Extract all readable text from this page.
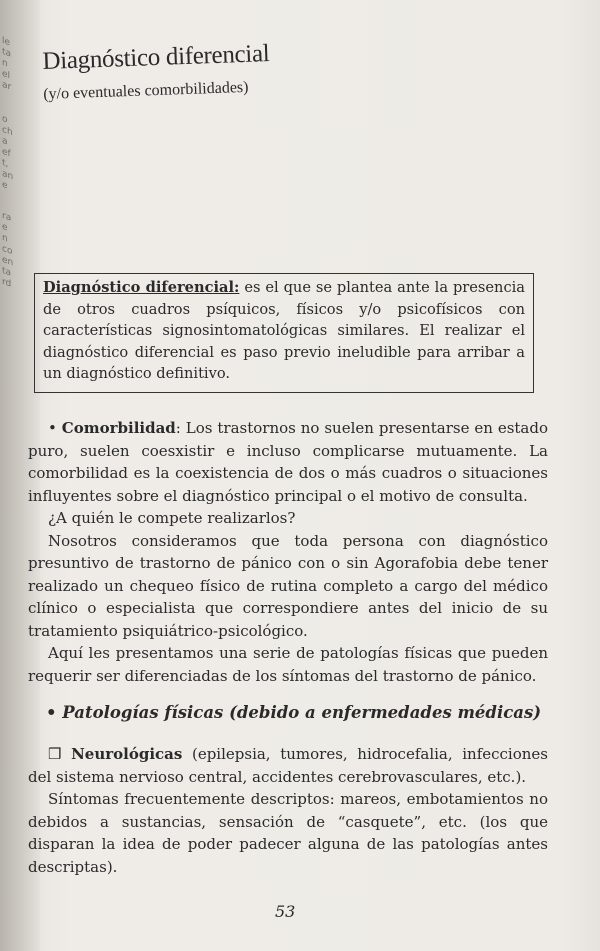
le
ta
n
el
ar
o
ch
a
ef
t,
an
e
ra
e
n
co
en
ta
rd
Diagnóstico diferencial
(y/o eventuales comorbilidades)
Diagnóstico diferencial: es el que se plantea ante la presencia de otros cuadros psíquicos, físicos y/o psicofísicos con características signosintomatológicas similares. El realizar el diagnóstico diferencial es paso previo ineludible para arribar a un diagnóstico definitivo.

• Comorbilidad: Los trastornos no suelen presentarse en estado puro, suelen coesxistir e incluso complicarse mutuamente. La comorbilidad es la coexistencia de dos o más cuadros o situaciones influyentes sobre el diagnóstico principal o el motivo de consulta.

¿A quién le compete realizarlos?

Nosotros consideramos que toda persona con diagnóstico presuntivo de trastorno de pánico con o sin Agorafobia debe tener realizado un chequeo físico de rutina completo a cargo del médico clínico o especialista que correspondiere antes del inicio de su tratamiento psiquiátrico-psicológico.

Aquí les presentamos una serie de patologías físicas que pueden requerir ser diferenciadas de los síntomas del trastorno de pánico.

• Patologías físicas (debido a enfermedades médicas)

❒ Neurológicas (epilepsia, tumores, hidrocefalia, infecciones del sistema nervioso central, accidentes cerebrovasculares, etc.).

Síntomas frecuentemente descriptos: mareos, embotamientos no debidos a sustancias, sensación de “casquete”, etc. (los que disparan la idea de poder padecer alguna de las patologías antes descriptas).

53
